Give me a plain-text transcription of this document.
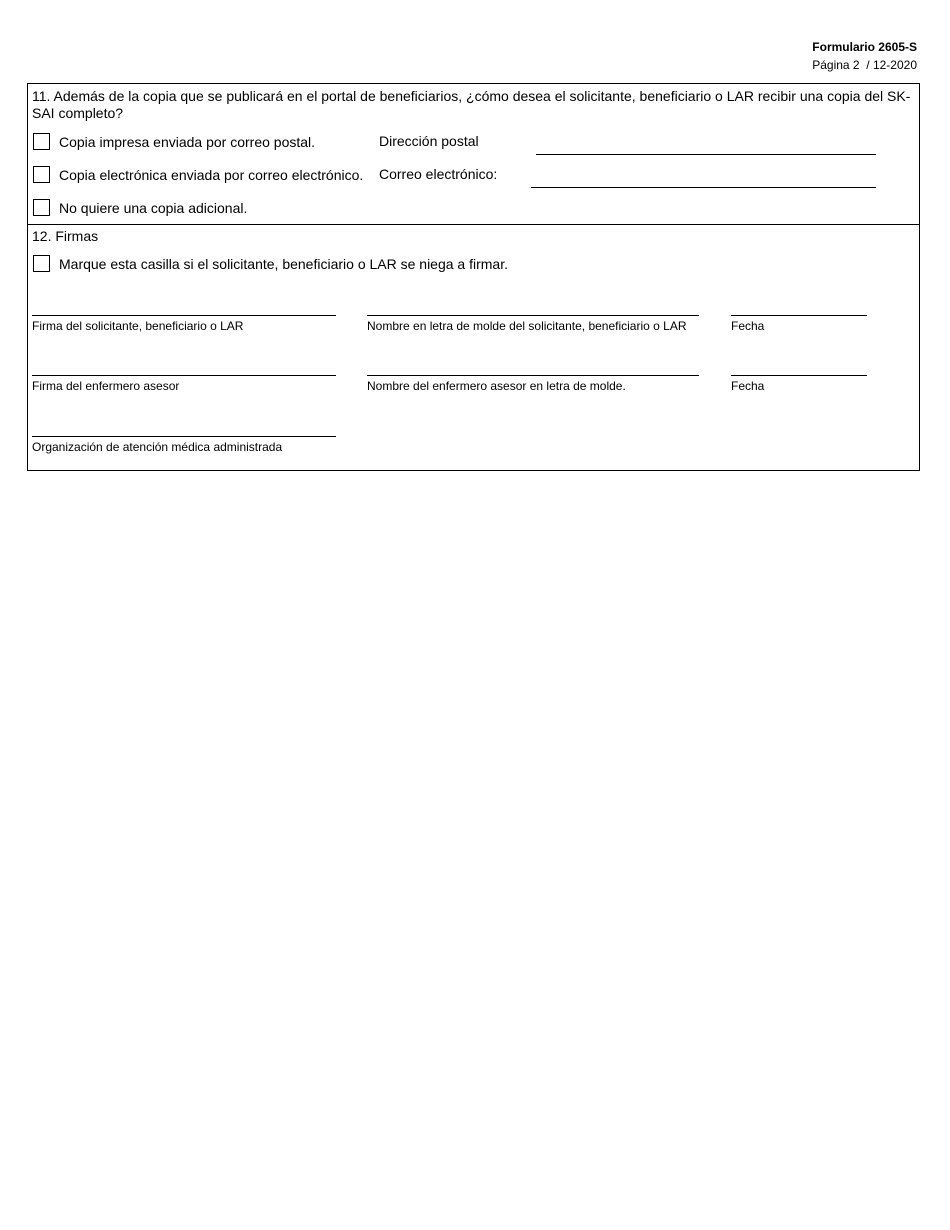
Formulario 2605-S
Página 2  / 12-2020
11. Además de la copia que se publicará en el portal de beneficiarios, ¿cómo desea el solicitante, beneficiario o LAR recibir una copia del SK-SAI completo?
Copia impresa enviada por correo postal.	Dirección postal
Copia electrónica enviada por correo electrónico. Correo electrónico:
No quiere una copia adicional.
12. Firmas
Marque esta casilla si el solicitante, beneficiario o LAR se niega a firmar.
Firma del solicitante, beneficiario o LAR	Nombre en letra de molde del solicitante, beneficiario o LAR	Fecha
Firma del enfermero asesor	Nombre del enfermero asesor en letra de molde.	Fecha
Organización de atención médica administrada
